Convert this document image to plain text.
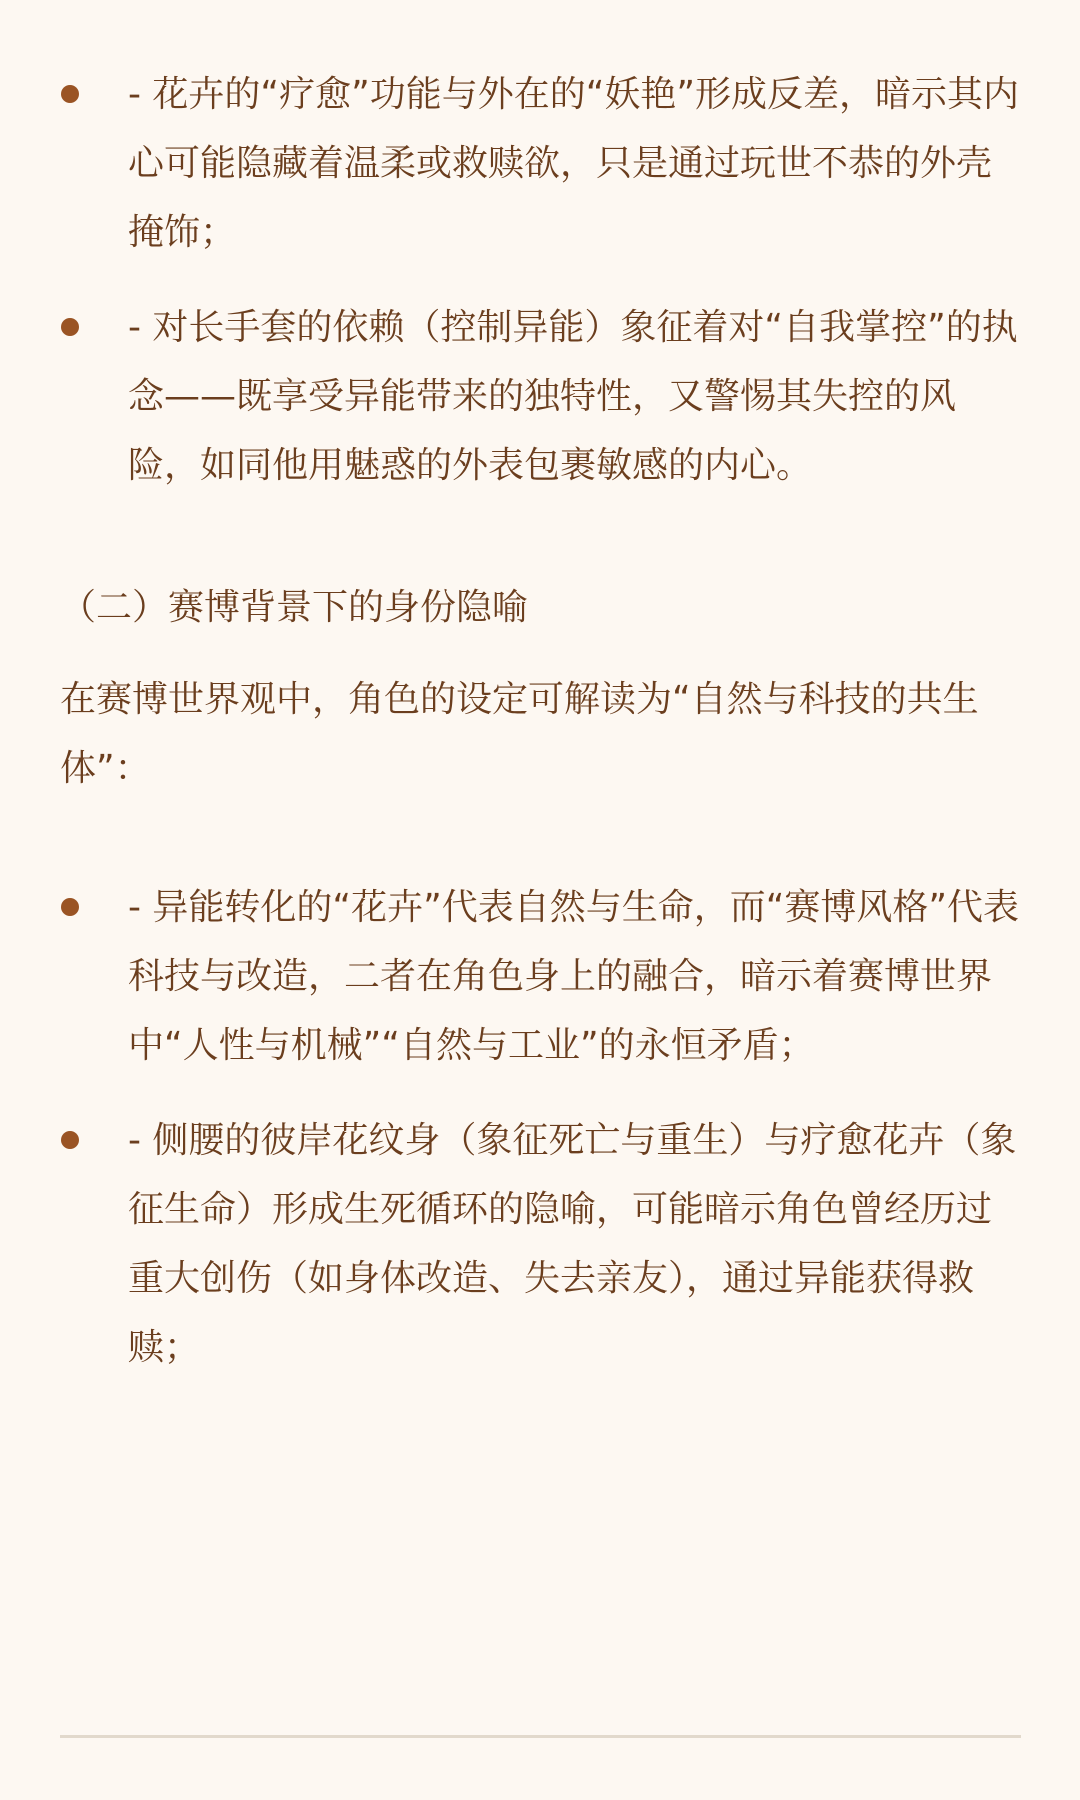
- 花卉的“疗愈”功能与外在的“妖艳”形成反差，暗示其内心可能隐藏着温柔或救赎欲，只是通过玩世不恭的外壳掩饰；
- 对长手套的依赖（控制异能）象征着对“自我掌控”的执念——既享受异能带来的独特性，又警惕其失控的风险，如同他用魅惑的外表包裹敏感的内心。
（二）赛博背景下的身份隐喻

在赛博世界观中，角色的设定可解读为“自然与科技的共生体”：

- 异能转化的“花卉”代表自然与生命，而“赛博风格”代表科技与改造，二者在角色身上的融合，暗示着赛博世界中“人性与机械”“自然与工业”的永恒矛盾；
- 侧腰的彼岸花纹身（象征死亡与重生）与疗愈花卉（象征生命）形成生死循环的隐喻，可能暗示角色曾经历过重大创伤（如身体改造、失去亲友），通过异能获得救赎；
